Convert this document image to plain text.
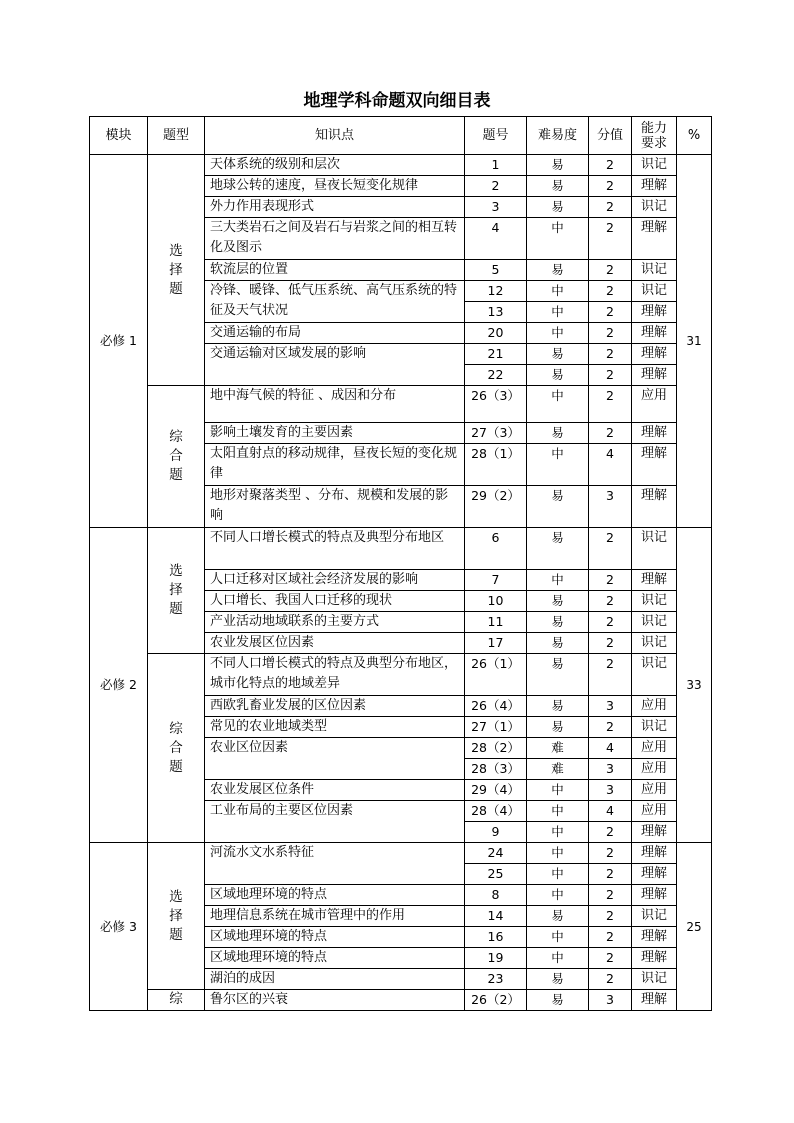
地理学科命题双向细目表
模块	题型	知识点	题号	难易度	分值	能力要求	%
必修 1	选择题	天体系统的级别和层次	1	易	2	识记	31
		地球公转的速度，昼夜长短变化规律	2	易	2	理解	
		外力作用表现形式	3	易	2	识记	
		三大类岩石之间及岩石与岩浆之间的相互转化及图示	4	中	2	理解	
		软流层的位置	5	易	2	识记	
		冷锋、暖锋、低气压系统、高气压系统的特征及天气状况	12	中	2	识记	
			13	中	2	理解	
		交通运输的布局	20	中	2	理解	
		交通运输对区域发展的影响	21	易	2	理解	
			22	易	2	理解	
	综合题	地中海气候的特征 、成因和分布	26（3）	中	2	应用	
		影响土壤发育的主要因素	27（3）	易	2	理解	
		太阳直射点的移动规律，昼夜长短的变化规律	28（1）	中	4	理解	
		地形对聚落类型 、分布、规模和发展的影响	29（2）	易	3	理解	
必修 2	选择题	不同人口增长模式的特点及典型分布地区	6	易	2	识记	33
		人口迁移对区域社会经济发展的影响	7	中	2	理解	
		人口增长、我国人口迁移的现状	10	易	2	识记	
		产业活动地域联系的主要方式	11	易	2	识记	
		农业发展区位因素	17	易	2	识记	
	综合题	不同人口增长模式的特点及典型分布地区，城市化特点的地域差异	26（1）	易	2	识记	
		西欧乳畜业发展的区位因素	26（4）	易	3	应用	
		常见的农业地域类型	27（1）	易	2	识记	
		农业区位因素	28（2）	难	4	应用	
			28（3）	难	3	应用	
		农业发展区位条件	29（4）	中	3	应用	
		工业布局的主要区位因素	28（4）	中	4	应用	
			9	中	2	理解	
必修 3	选择题	河流水文水系特征	24	中	2	理解	25
			25	中	2	理解	
		区域地理环境的特点	8	中	2	理解	
		地理信息系统在城市管理中的作用	14	易	2	识记	
		区域地理环境的特点	16	中	2	理解	
		区域地理环境的特点	19	中	2	理解	
		湖泊的成因	23	易	2	识记	
	综	鲁尔区的兴衰	26（2）	易	3	理解	
